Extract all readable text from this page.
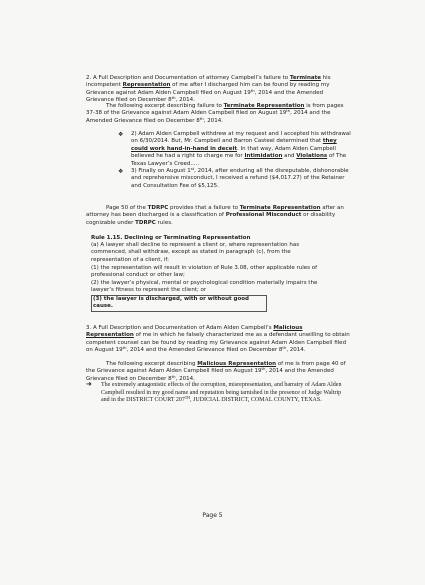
2. A Full Description and Documentation of attorney Campbell’s failure to Terminate his incompetent Representation of me after I discharged him can be found by reading my Grievance against Adam Alden Campbell filed on August 19th, 2014 and the Amended Grievance filed on December 8th, 2014.

The following excerpt describing failure to Terminate Representation is from pages 37-38 of the Grievance against Adam Alden Campbell filed on August 19th, 2014 and the Amended Grievance filed on December 8th, 2014.

❖ 2) Adam Alden Campbell withdrew at my request and I accepted his withdrawal on 6/30/2014. But, Mr. Campbell and Barron Casteel determined that they could work hand-in-hand in deceit. In that way, Adam Alden Campbell believed he had a right to charge me for Intimidation and Violations of The Texas Lawyer’s Creed.....

❖ 3) Finally on August 1st, 2014, after enduring all the disreputable, dishonorable and reprehensive misconduct, I received a refund ($4,017.27) of the Retainer and Consultation Fee of $5,125.

Page 50 of the TDRPC provides that a failure to Terminate Representation after an attorney has been discharged is a classification of Professional Misconduct or disability cognizable under TDRPC rules.

Rule 1.15. Declining or Terminating Representation

(a) A lawyer shall decline to represent a client or, where representation has commenced, shall withdraw, except as stated in paragraph (c), from the representation of a client, if:

(1) the representation will result in violation of Rule 3.08, other applicable rules of professional conduct or other law;

(2) the lawyer’s physical, mental or psychological condition materially impairs the lawyer’s fitness to represent the client; or

(3) the lawyer is discharged, with or without good cause.

3. A Full Description and Documentation of Adam Alden Campbell’s Malicious Representation of me in which he falsely characterized me as a defendant unwilling to obtain competent counsel can be found by reading my Grievance against Adam Alden Campbell filed on August 19th, 2014 and the Amended Grievance filed on December 8th, 2014.

The following excerpt describing Malicious Representation of me is from page 40 of the Grievance against Adam Alden Campbell filed on August 19th, 2014 and the Amended Grievance filed on December 8th, 2014.

➜ The extremely antagonistic effects of the corruption, misrepresentation, and barratry of Adam Alden Campbell resulted in my good name and reputation being tarnished in the presence of Judge Waltrip and in the DISTRICT COURT 207TH, JUDICIAL DISTRICT, COMAL COUNTY, TEXAS.

Page 5
